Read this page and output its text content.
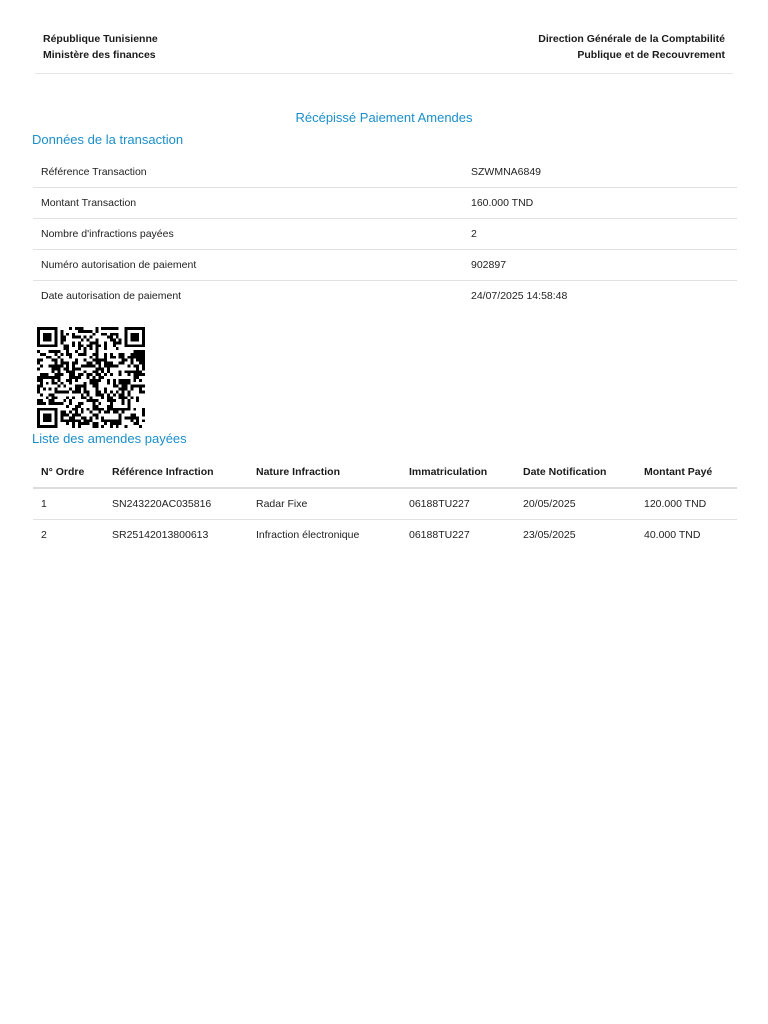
République Tunisienne
Ministère des finances
Direction Générale de la Comptabilité
Publique et de Recouvrement
Récépissé Paiement Amendes
Données de la transaction
Référence Transaction	SZWMNA6849
Montant Transaction	160.000 TND
Nombre d'infractions payées	2
Numéro autorisation de paiement	902897
Date autorisation de paiement	24/07/2025 14:58:48
Liste des amendes payées
N° Ordre	Référence Infraction	Nature Infraction	Immatriculation	Date Notification	Montant Payé
1	SN243220AC035816	Radar Fixe	06188TU227	20/05/2025	120.000 TND
2	SR25142013800613	Infraction électronique	06188TU227	23/05/2025	40.000 TND
